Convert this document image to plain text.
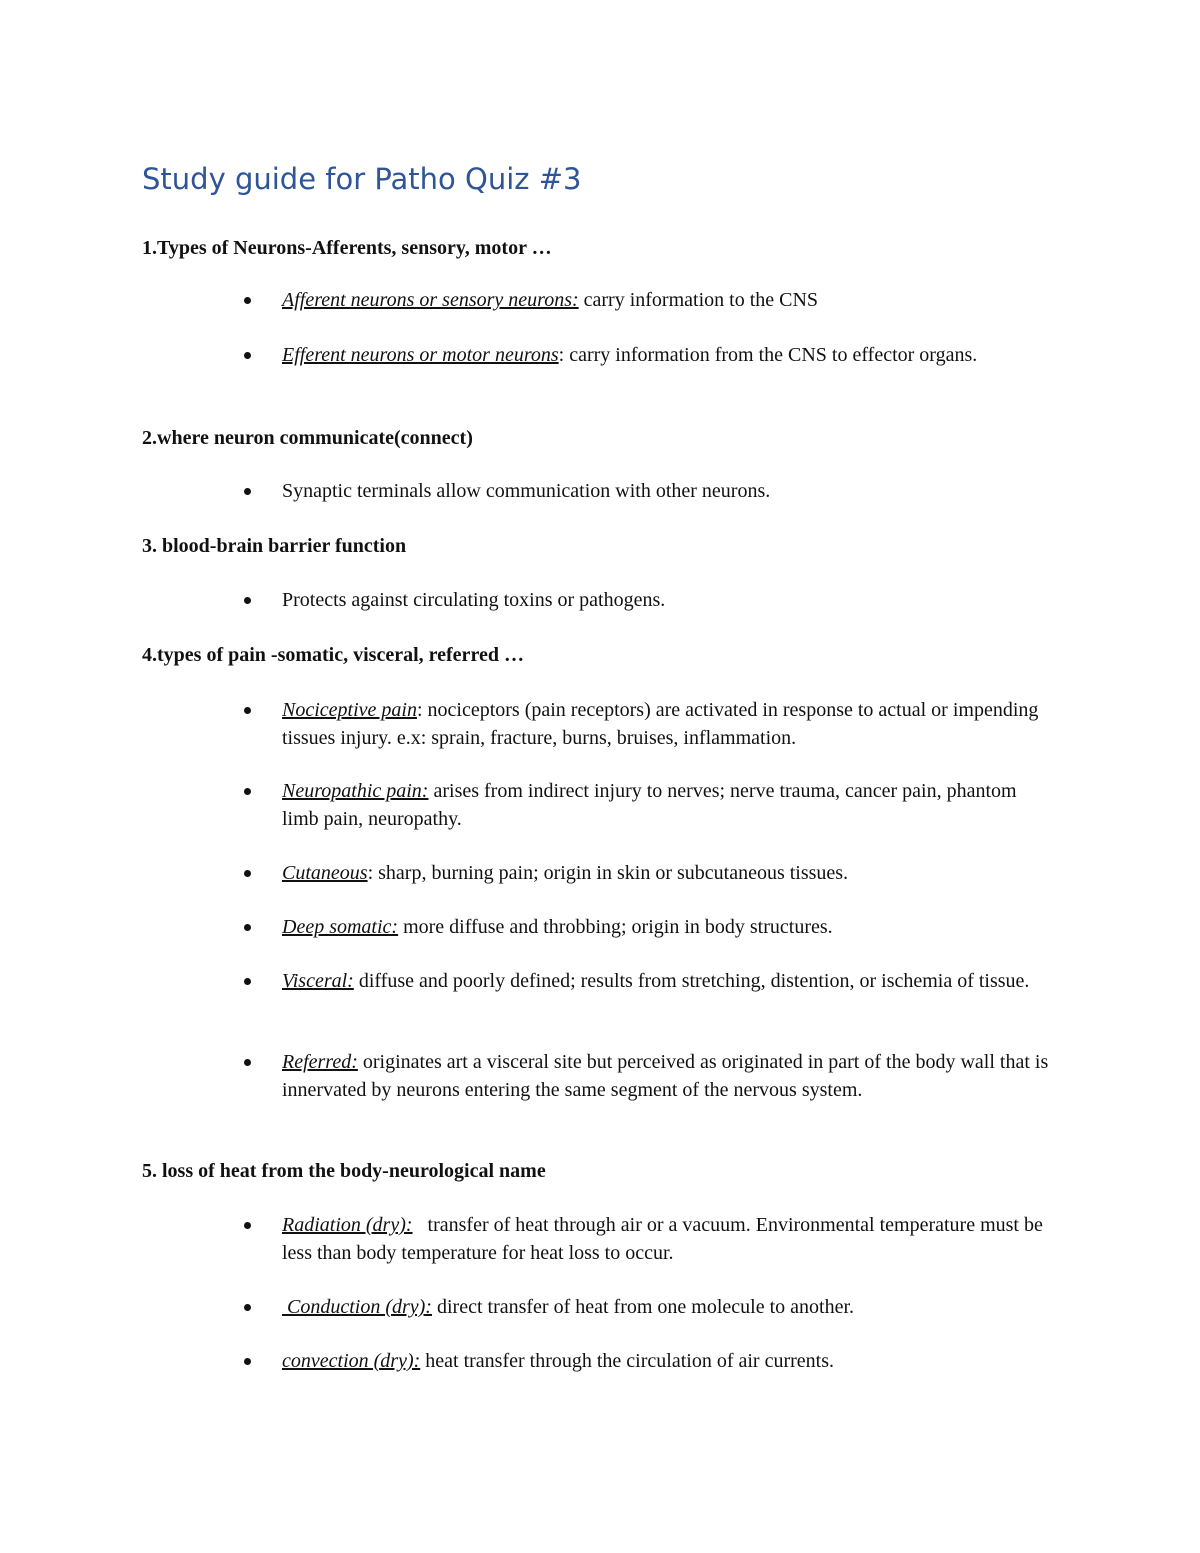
Study guide for Patho Quiz #3

1.Types of Neurons-Afferents, sensory, motor …

Afferent neurons or sensory neurons: carry information to the CNS
Efferent neurons or motor neurons: carry information from the CNS to effector organs.

2.where neuron communicate(connect)

Synaptic terminals allow communication with other neurons.

3. blood-brain barrier function

Protects against circulating toxins or pathogens.

4.types of pain -somatic, visceral, referred …

Nociceptive pain: nociceptors (pain receptors) are activated in response to actual or impending tissues injury. e.x: sprain, fracture, burns, bruises, inflammation.
Neuropathic pain: arises from indirect injury to nerves; nerve trauma, cancer pain, phantom limb pain, neuropathy.
Cutaneous: sharp, burning pain; origin in skin or subcutaneous tissues.
Deep somatic: more diffuse and throbbing; origin in body structures.
Visceral: diffuse and poorly defined; results from stretching, distention, or ischemia of tissue.
Referred: originates art a visceral site but perceived as originated in part of the body wall that is innervated by neurons entering the same segment of the nervous system.

5. loss of heat from the body-neurological name

Radiation (dry):   transfer of heat through air or a vacuum. Environmental temperature must be less than body temperature for heat loss to occur.
Conduction (dry): direct transfer of heat from one molecule to another.
convection (dry): heat transfer through the circulation of air currents.
